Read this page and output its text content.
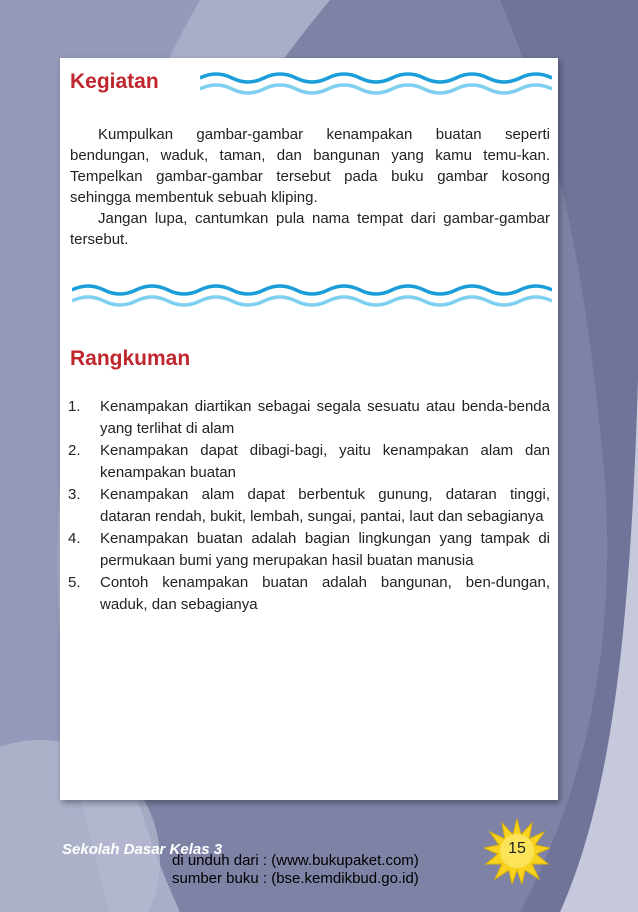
Kegiatan

Kumpulkan gambar-gambar kenampakan buatan seperti bendungan, waduk, taman, dan bangunan yang kamu temu-kan. Tempelkan gambar-gambar tersebut pada buku gambar kosong sehingga membentuk sebuah kliping.

Jangan lupa, cantumkan pula nama tempat dari gambar-gambar tersebut.

Rangkuman
1. Kenampakan diartikan sebagai segala sesuatu atau benda-benda yang terlihat di alam
2. Kenampakan dapat dibagi-bagi, yaitu kenampakan alam dan kenampakan buatan
3. Kenampakan alam dapat berbentuk gunung, dataran tinggi, dataran rendah, bukit, lembah, sungai, pantai, laut dan sebagianya
4. Kenampakan buatan adalah bagian lingkungan yang tampak di permukaan bumi yang merupakan hasil buatan manusia
5. Contoh kenampakan buatan adalah bangunan, ben-dungan, waduk, dan sebagianya
Sekolah Dasar Kelas 3
di unduh dari : (www.bukupaket.com)
sumber buku : (bse.kemdikbud.go.id)
15
